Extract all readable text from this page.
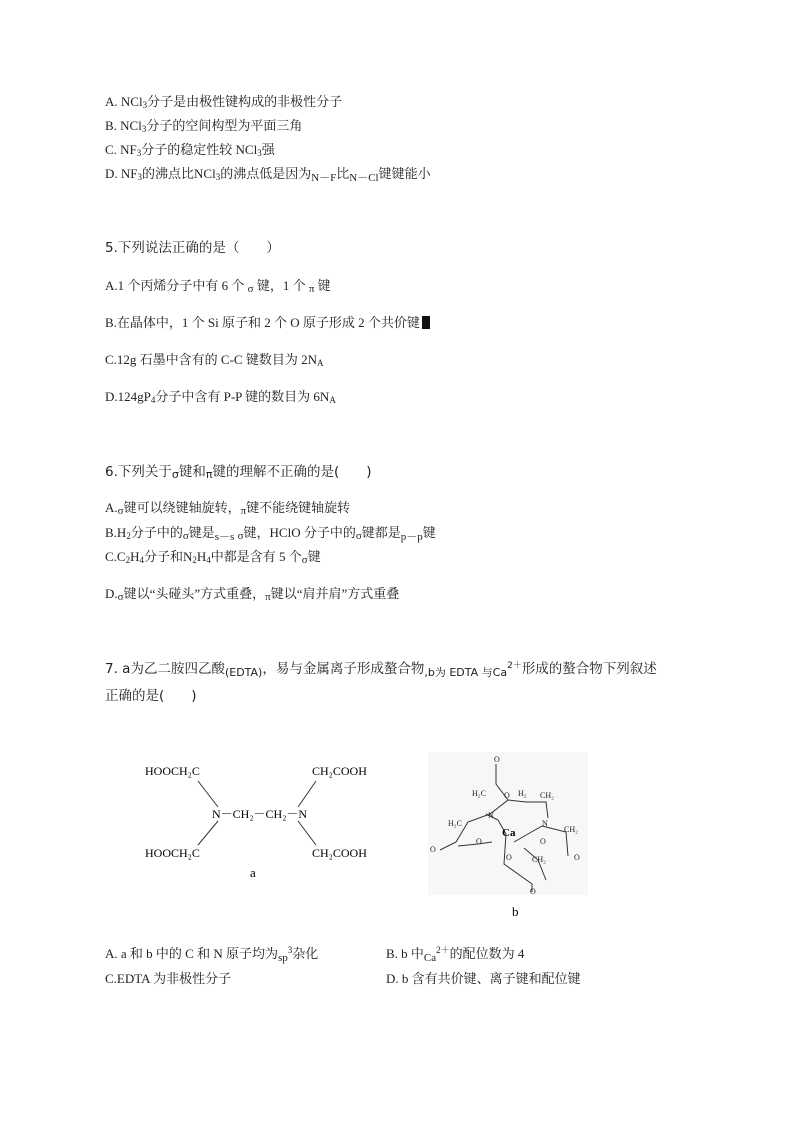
A. NCl$_3$分子是由极性键构成的非极性分子
B. NCl$_3$分子的空间构型为平面三角
C. $NF_3$分子的稳定性较 NCl$_3$强
D. $NF_3$的沸点比NCl$_3$的沸点低是因为$_{N-F}$比$_{N-Cl}$键键能小
5.下列说法正确的是（　　）
A.1 个丙烯分子中有 6 个 σ 键，1 个 π 键
B.在晶体中，1 个 Si 原子和 2 个 O 原子形成 2 个共价键
C.12g 石墨中含有的 C-C 键数目为 $2N_A$
$D.124gP_4$分子中含有 P-P 键的数目为 $6N_A$
6.下列关于σ键和π键的理解不正确的是(　　)
A.σ键可以绕键轴旋转，π键不能绕键轴旋转
$B.H_2$分子中的σ键是$_{s-s}$ σ键，HClO 分子中的σ键都是$_{p-p}$键
$C.C_2H_4$分子和$N_2H_4$中都是含有 5 个σ键
D.σ键以“头碰头”方式重叠，π键以“肩并肩”方式重叠
7. a为乙二胺四乙酸$_{(EDTA)}$，易与金属离子形成螯合物$_{,b为 EDTA 与Ca}^{2+}$形成的螯合物下列叙述
正确的是(　　)
HOOCH₂C	CH₂COOH
HOOCH₂C	CH₂COOH
N－CH₂－CH₂－N
a
O
H₂C
N
O H₂ CH₂
N
H₂C
O
O
CH₂
O
O
CH₂
O
O
Ca
b
A. a 和 b 中的 C 和 N 原子均为$_{sp}^3$杂化	B. b 中$_{Ca}^{2+}$的配位数为 4
C.EDTA 为非极性分子	D. b 含有共价键、离子键和配位键
